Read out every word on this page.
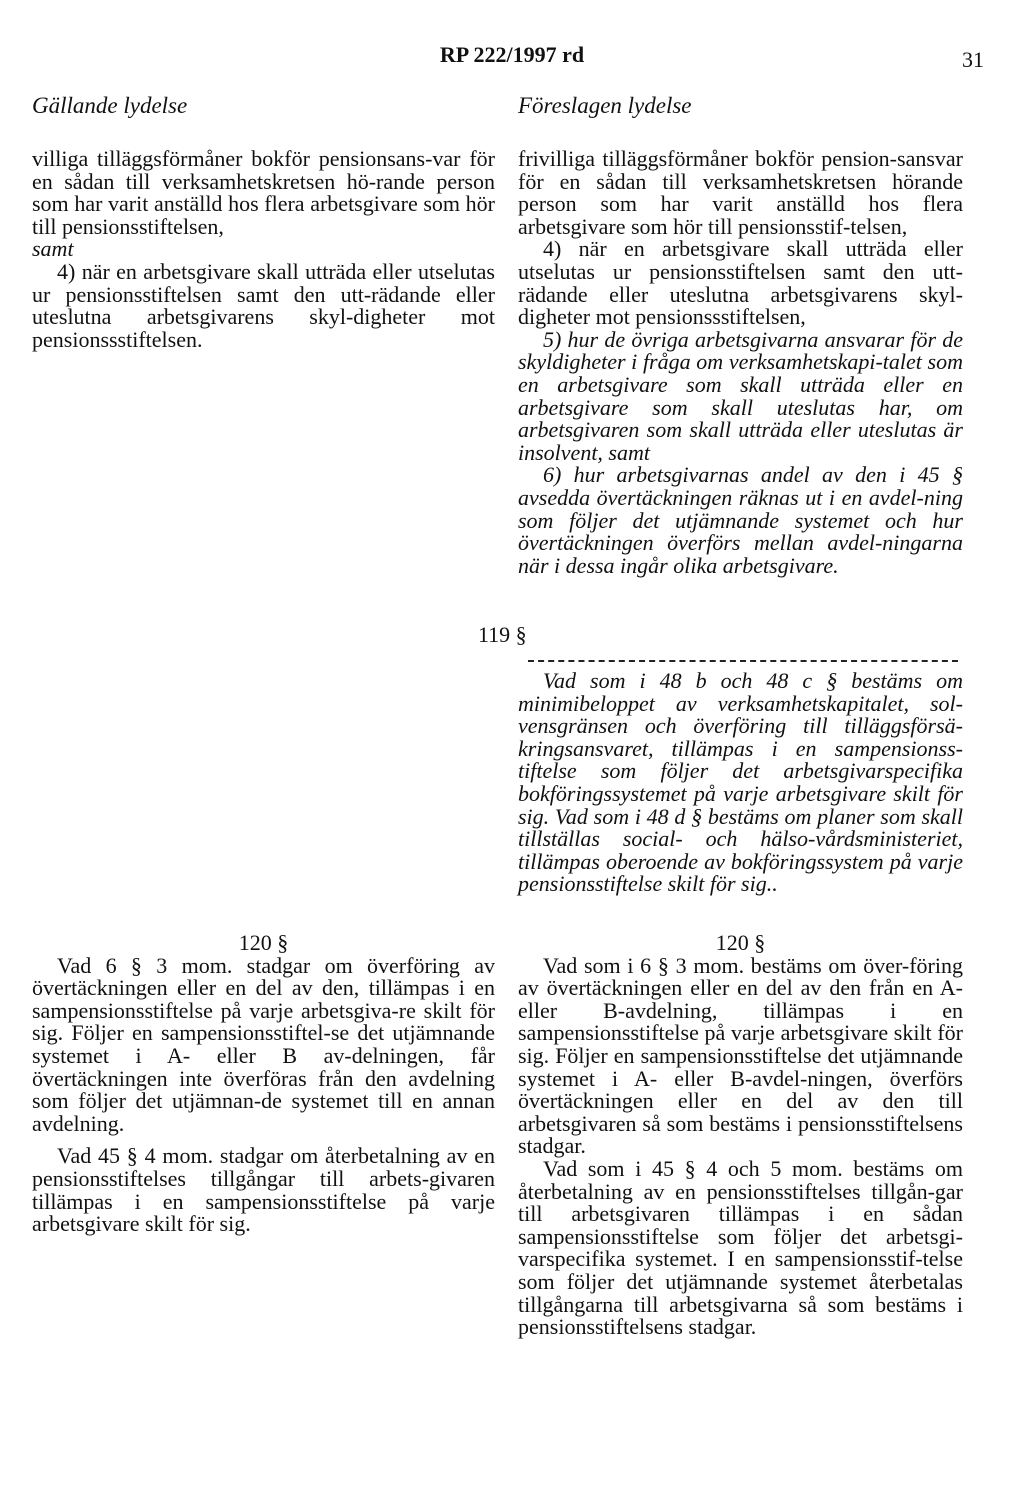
RP 222/1997 rd	31
Gällande lydelse	Föreslagen lydelse

villiga tilläggsförmåner bokför pensionsans-var för en sådan till verksamhetskretsen hö-rande person som har varit anställd hos flera arbetsgivare som hör till pensionsstiftelsen,

samt

4) när en arbetsgivare skall utträda eller utselutas ur pensionsstiftelsen samt den utt-rädande eller uteslutna arbetsgivarens skyl-digheter mot pensionssstiftelsen.

frivilliga tilläggsförmåner bokför pension-sansvar för en sådan till verksamhetskretsen hörande person som har varit anställd hos flera arbetsgivare som hör till pensionsstif-telsen,

4) när en arbetsgivare skall utträda eller utselutas ur pensionsstiftelsen samt den utt-rädande eller uteslutna arbetsgivarens skyl-digheter mot pensionssstiftelsen,

5) hur de övriga arbetsgivarna ansvarar för de skyldigheter i fråga om verksamhetskapi-talet som en arbetsgivare som skall utträda eller en arbetsgivare som skall uteslutas har, om arbetsgivaren som skall utträda eller uteslutas är insolvent, samt

6) hur arbetsgivarnas andel av den i 45 § avsedda övertäckningen räknas ut i en avdel-ning som följer det utjämnande systemet och hur övertäckningen överförs mellan avdel-ningarna när i dessa ingår olika arbetsgivare.

119 §

Vad som i 48 b och 48 c § bestäms om minimibeloppet av verksamhetskapitalet, sol-vensgränsen och överföring till tilläggsförsä-kringsansvaret, tillämpas i en sampensionss-tiftelse som följer det arbetsgivarspecifika bokföringssystemet på varje arbetsgivare skilt för sig. Vad som i 48 d § bestäms om planer som skall tillställas social- och hälso-vårdsministeriet, tillämpas oberoende av bokföringssystem på varje pensionsstiftelse skilt för sig..

120 §

Vad 6 § 3 mom. stadgar om överföring av övertäckningen eller en del av den, tillämpas i en sampensionsstiftelse på varje arbetsgiva-re skilt för sig. Följer en sampensionsstiftel-se det utjämnande systemet i A- eller B av-delningen, får övertäckningen inte överföras från den avdelning som följer det utjämnan-de systemet till en annan avdelning.

Vad 45 § 4 mom. stadgar om återbetalning av en pensionsstiftelses tillgångar till arbets-givaren tillämpas i en sampensionsstiftelse på varje arbetsgivare skilt för sig.

120 §

Vad som i 6 § 3 mom. bestäms om över-föring av övertäckningen eller en del av den från en A- eller B-avdelning, tillämpas i en sampensionsstiftelse på varje arbetsgivare skilt för sig. Följer en sampensionsstiftelse det utjämnande systemet i A- eller B-avdel-ningen, överförs övertäckningen eller en del av den till arbetsgivaren så som bestäms i pensionsstiftelsens stadgar.

Vad som i 45 § 4 och 5 mom. bestäms om återbetalning av en pensionsstiftelses tillgån-gar till arbetsgivaren tillämpas i en sådan sampensionsstiftelse som följer det arbetsgi-varspecifika systemet. I en sampensionsstif-telse som följer det utjämnande systemet återbetalas tillgångarna till arbetsgivarna så som bestäms i pensionsstiftelsens stadgar.
